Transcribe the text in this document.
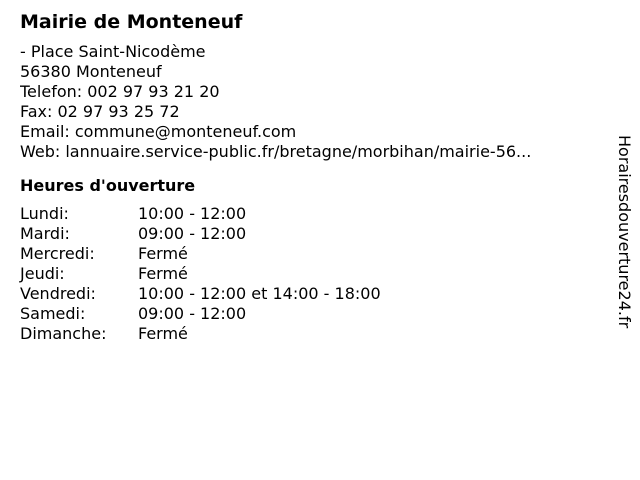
Mairie de Monteneuf
- Place Saint-Nicodème
56380 Monteneuf
Telefon: 002 97 93 21 20
Fax: 02 97 93 25 72
Email: commune@monteneuf.com
Web: lannuaire.service-public.fr/bretagne/morbihan/mairie-56...
Heures d'ouverture
Lundi:	10:00 - 12:00
Mardi:	09:00 - 12:00
Mercredi:	Fermé
Jeudi:	Fermé
Vendredi:	10:00 - 12:00 et 14:00 - 18:00
Samedi:	09:00 - 12:00
Dimanche:	Fermé
Horairesdouverture24.fr
